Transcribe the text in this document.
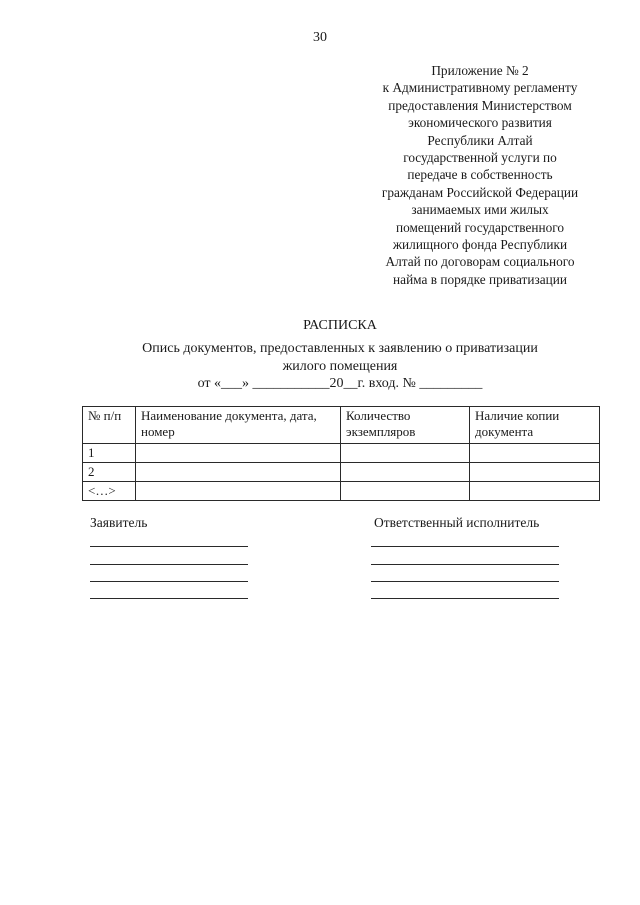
30
Приложение № 2
к Административному регламенту
предоставления Министерством
экономического развития
Республики Алтай
государственной услуги по
передаче в собственность
гражданам Российской Федерации
занимаемых ими жилых
помещений государственного
жилищного фонда Республики
Алтай по договорам социального
найма в порядке приватизации
РАСПИСКА
Опись документов, предоставленных к заявлению о приватизации
жилого помещения
от «___» ___________20__г. вход. № _________
№ п/п	Наименование документа, дата, номер	Количество экземпляров	Наличие копии документа
1			
2			
<…>			
Заявитель	Ответственный исполнитель
